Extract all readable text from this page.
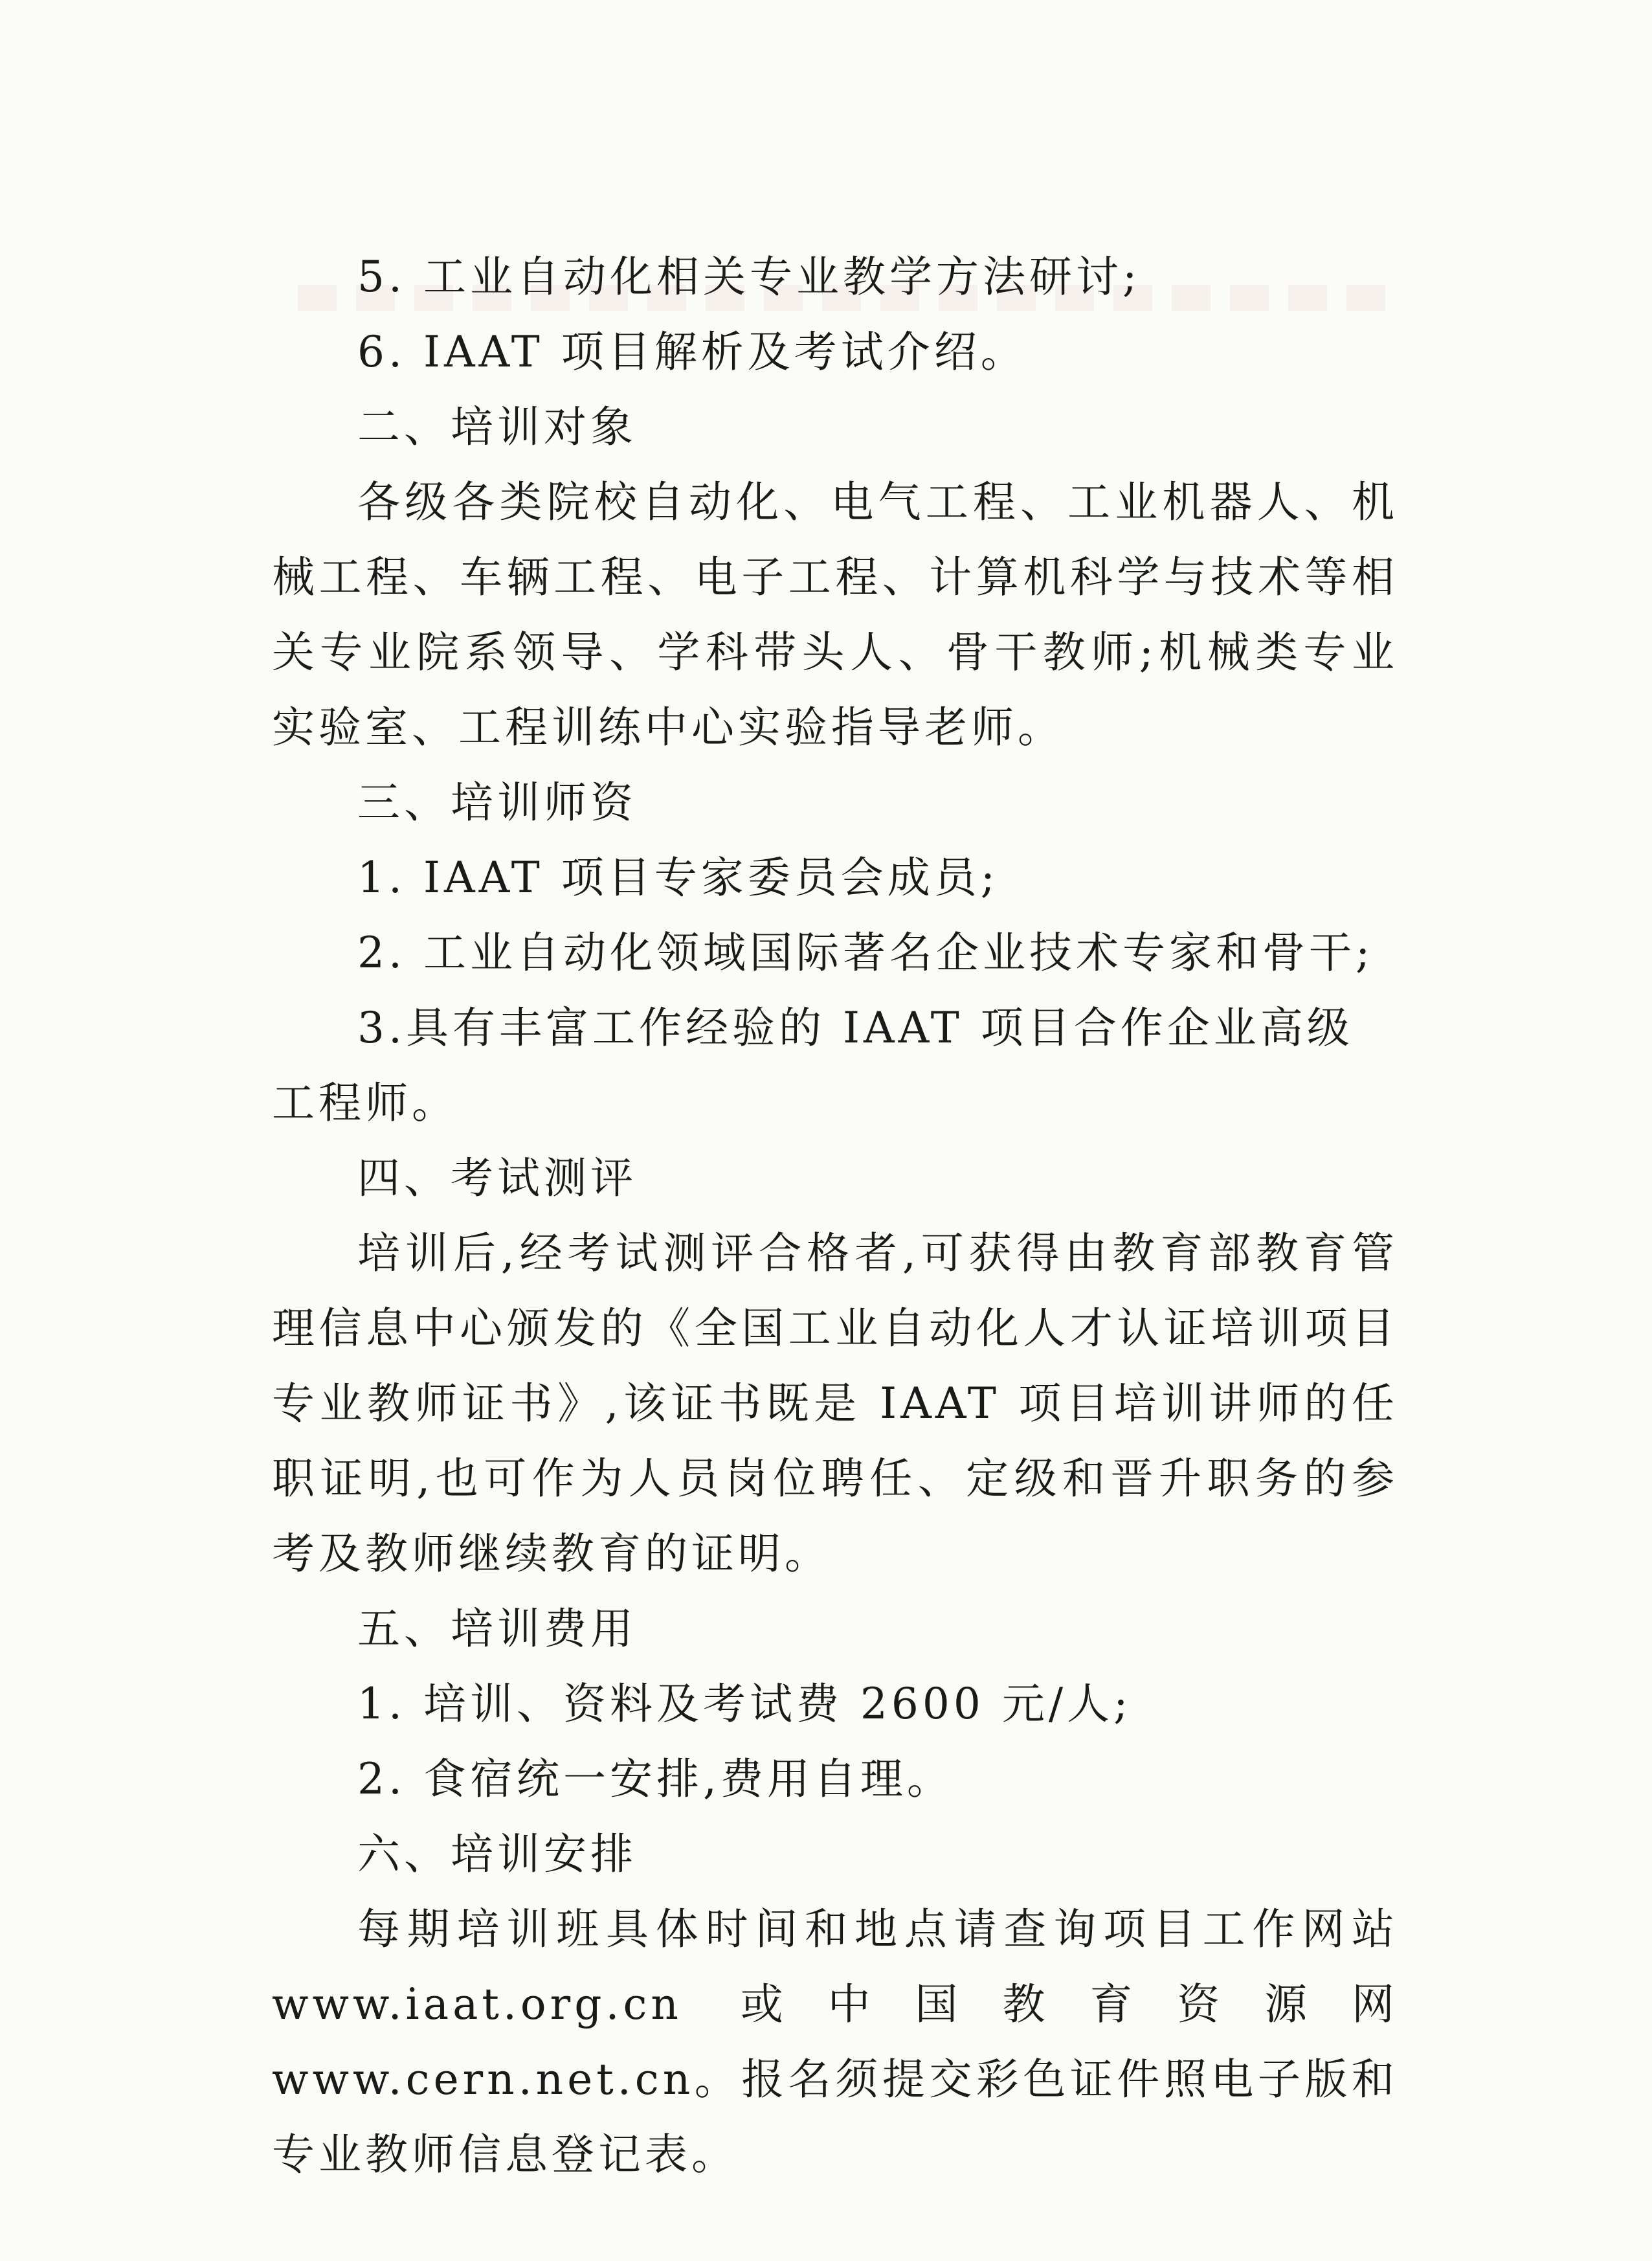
5. 工业自动化相关专业教学方法研讨;

6. IAAT 项目解析及考试介绍。

二、培训对象

各级各类院校自动化、电气工程、工业机器人、机械工程、车辆工程、电子工程、计算机科学与技术等相关专业院系领导、学科带头人、骨干教师;机械类专业实验室、工程训练中心实验指导老师。

三、培训师资

1. IAAT 项目专家委员会成员;

2. 工业自动化领域国际著名企业技术专家和骨干;

3.具有丰富工作经验的 IAAT 项目合作企业高级工程师。

四、考试测评

培训后,经考试测评合格者,可获得由教育部教育管理信息中心颁发的《全国工业自动化人才认证培训项目专业教师证书》,该证书既是 IAAT 项目培训讲师的任职证明,也可作为人员岗位聘任、定级和晋升职务的参考及教师继续教育的证明。

五、培训费用

1. 培训、资料及考试费 2600 元/人;

2. 食宿统一安排,费用自理。

六、培训安排

每期培训班具体时间和地点请查询项目工作网站 www.iaat.org.cn 或中国教育资源网 www.cern.net.cn。报名须提交彩色证件照电子版和专业教师信息登记表。
